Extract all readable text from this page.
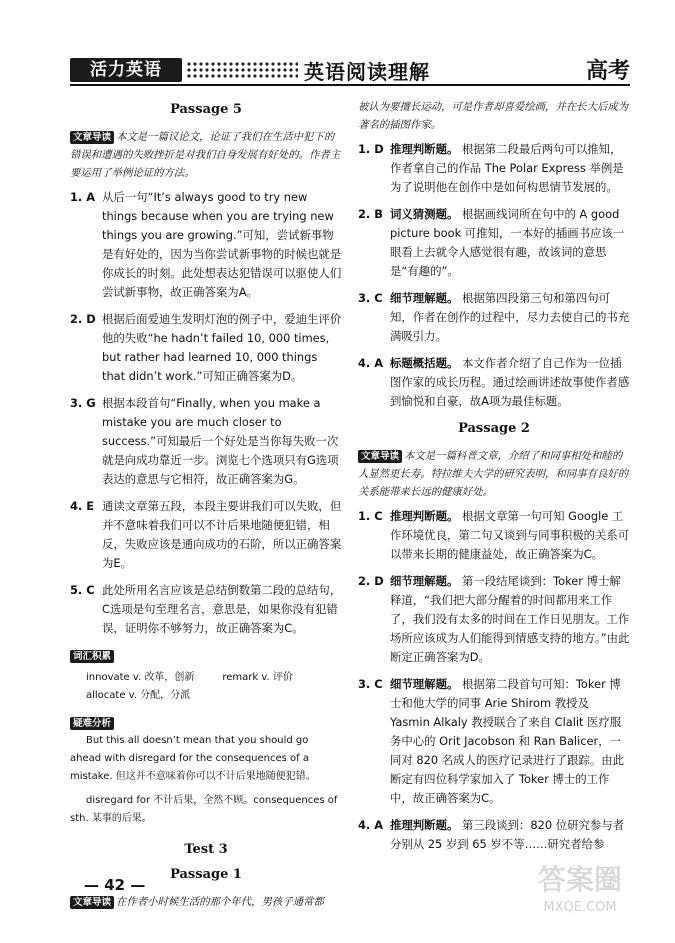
活力英语	英语阅读理解	高考
Passage 5
文章导读 本文是一篇议论文，论证了我们在生活中犯下的错误和遭遇的失败挫折是对我们自身发展有好处的。作者主要运用了举例论证的方法。
1. A 从后一句“It’s always good to try new things because when you are trying new things you are growing.”可知，尝试新事物是有好处的，因为当你尝试新事物的时候也就是你成长的时刻。此处想表达犯错误可以驱使人们尝试新事物，故正确答案为A。
2. D 根据后面爱迪生发明灯泡的例子中，爱迪生评价他的失败“he hadn’t failed 10, 000 times, but rather had learned 10, 000 things that didn’t work.”可知正确答案为D。
3. G 根据本段首句“Finally, when you make a mistake you are much closer to success.”可知最后一个好处是当你每失败一次就是向成功靠近一步。浏览七个选项只有G选项表达的意思与它相符，故正确答案为G。
4. E 通读文章第五段，本段主要讲我们可以失败，但并不意味着我们可以不计后果地随便犯错，相反，失败应该是通向成功的石阶，所以正确答案为E。
5. C 此处所用名言应该是总结倒数第二段的总结句，C选项是句至理名言，意思是，如果你没有犯错误，证明你不够努力，故正确答案为C。
词汇积累
innovate v. 改革，创新	remark v. 评价
allocate v. 分配，分派
疑难分析

But this all doesn’t mean that you should go ahead with disregard for the consequences of a mistake. 但这并不意味着你可以不计后果地随便犯错。

disregard for 不计后果，全然不顾。consequences of sth. 某事的后果。

Test 3
Passage 1
文章导读 在作者小时候生活的那个年代，男孩子通常都
被认为要擅长运动，可是作者却喜爱绘画，并在长大后成为著名的插图作家。
1. D 推理判断题。 根据第二段最后两句可以推知，作者拿自己的作品 The Polar Express 举例是为了说明他在创作中是如何构思情节发展的。
2. B 词义猜测题。 根据画线词所在句中的 A good picture book 可推知，一本好的插画书应该一眼看上去就令人感觉很有趣，故该词的意思是“有趣的”。
3. C 细节理解题。 根据第四段第三句和第四句可知，作者在创作的过程中，尽力去使自己的书充满吸引力。
4. A 标题概括题。 本文作者介绍了自己作为一位插图作家的成长历程。通过绘画讲述故事使作者感到愉悦和自豪，故A项为最佳标题。
Passage 2
文章导读 本文是一篇科普文章，介绍了和同事相处和睦的人显然更长寿。特拉维夫大学的研究表明，和同事有良好的关系能带来长远的健康好处。
1. C 推理判断题。 根据文章第一句可知 Google 工作环境优良，第二句又谈到与同事积极的关系可以带来长期的健康益处，故正确答案为C。
2. D 细节理解题。 第一段结尾谈到：Toker 博士解释道，“我们把大部分醒着的时间都用来工作了，我们没有太多的时间在工作日见朋友。工作场所应该成为人们能得到情感支持的地方。”由此断定正确答案为D。
3. C 细节理解题。 根据第二段首句可知：Toker 博士和他大学的同事 Arie Shirom 教授及 Yasmin Alkaly 教授联合了来自 Clalit 医疗服务中心的 Orit Jacobson 和 Ran Balicer，一同对 820 名成人的医疗记录进行了跟踪。由此断定有四位科学家加入了 Toker 博士的工作中，故正确答案为C。
4. A 推理判断题。 第三段谈到：820 位研究参与者分别从 25 岁到 65 岁不等……研究者给参
— 42 —	答案圈
MXQE.COM
